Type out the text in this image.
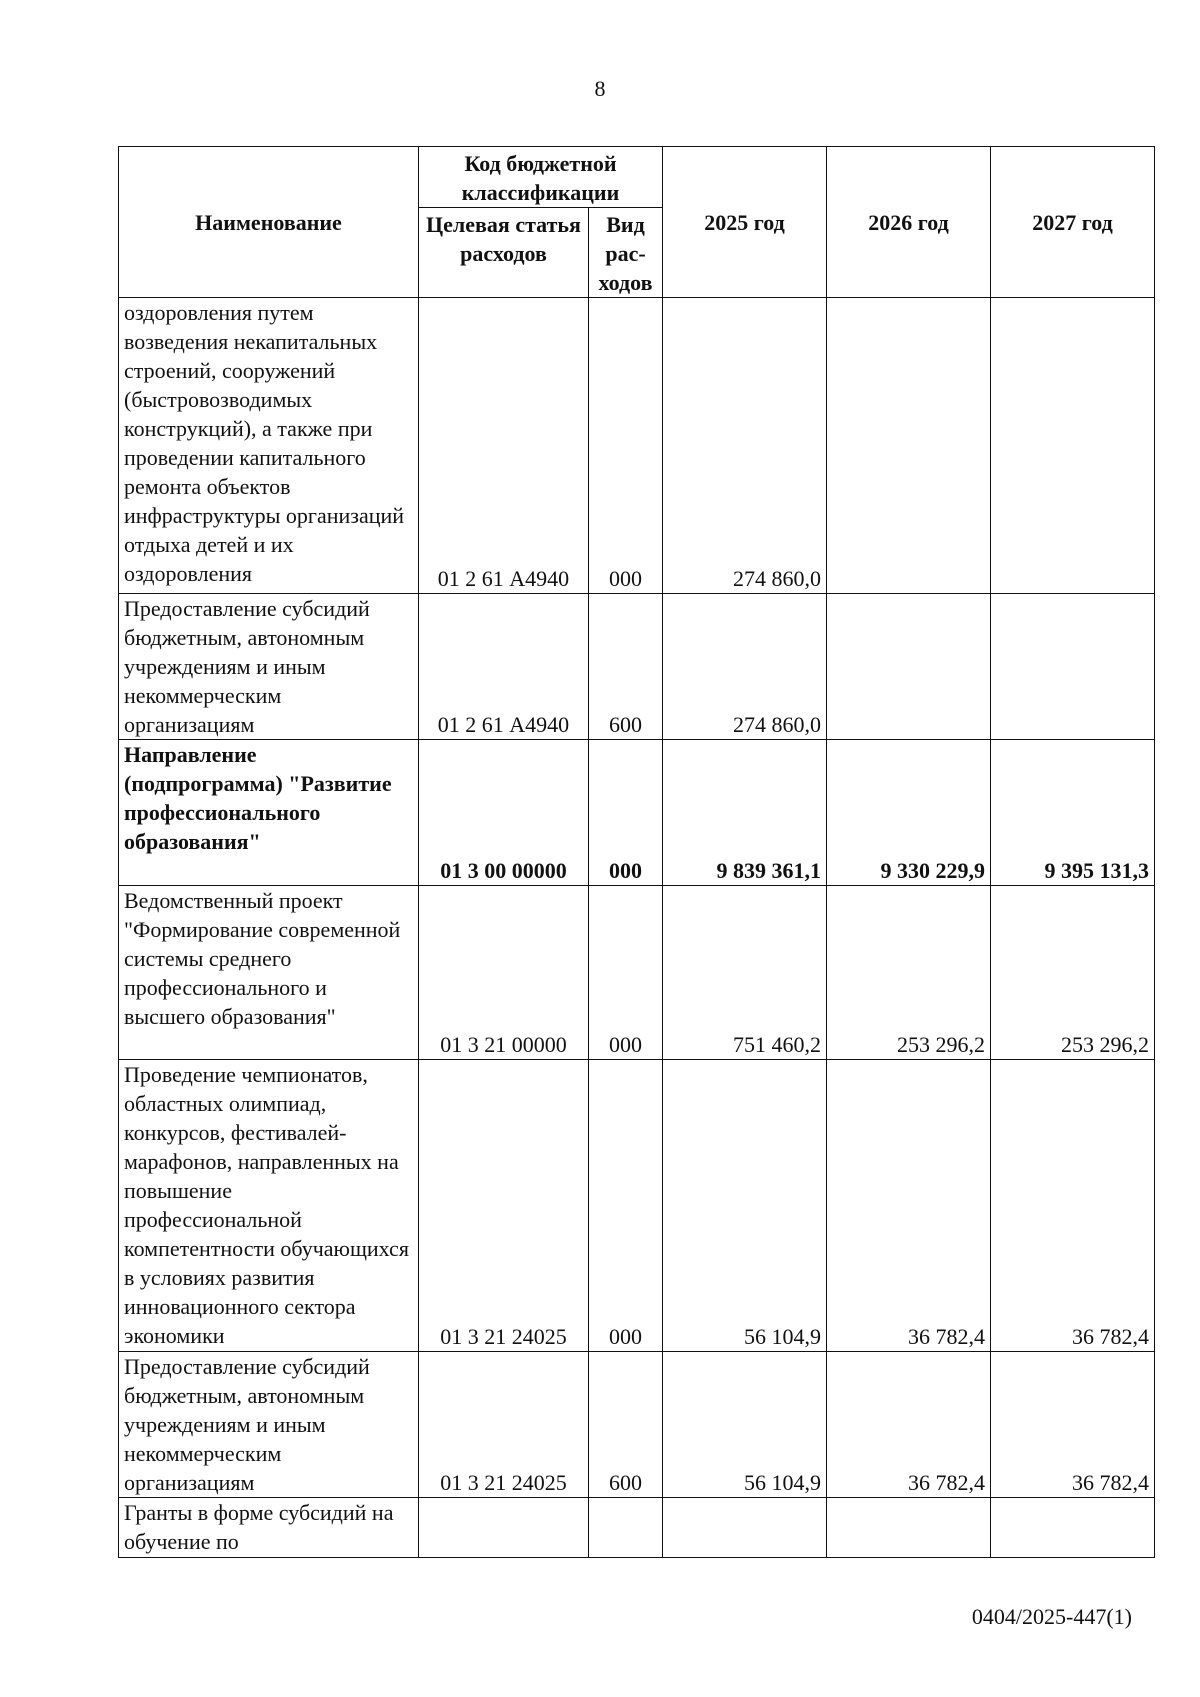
8
Наименование	Код бюджетной классификации		2025 год	2026 год	2027 год
	Целевая статья расходов	Вид рас-ходов			
оздоровления путем возведения некапитальных строений, сооружений (быстровозводимых конструкций), а также при проведении капитального ремонта объектов инфраструктуры организаций отдыха детей и их оздоровления	01 2 61 А4940	000	274 860,0		
Предоставление субсидий бюджетным, автономным учреждениям и иным некоммерческим организациям	01 2 61 А4940	600	274 860,0		
Направление (подпрограмма) "Развитие профессионального образования"	01 3 00 00000	000	9 839 361,1	9 330 229,9	9 395 131,3
Ведомственный проект "Формирование современной системы среднего профессионального и высшего образования"	01 3 21 00000	000	751 460,2	253 296,2	253 296,2
Проведение чемпионатов, областных олимпиад, конкурсов, фестивалей-марафонов, направленных на повышение профессиональной компетентности обучающихся в условиях развития инновационного сектора экономики	01 3 21 24025	000	56 104,9	36 782,4	36 782,4
Предоставление субсидий бюджетным, автономным учреждениям и иным некоммерческим организациям	01 3 21 24025	600	56 104,9	36 782,4	36 782,4
Гранты в форме субсидий на обучение по					
0404/2025-447(1)
